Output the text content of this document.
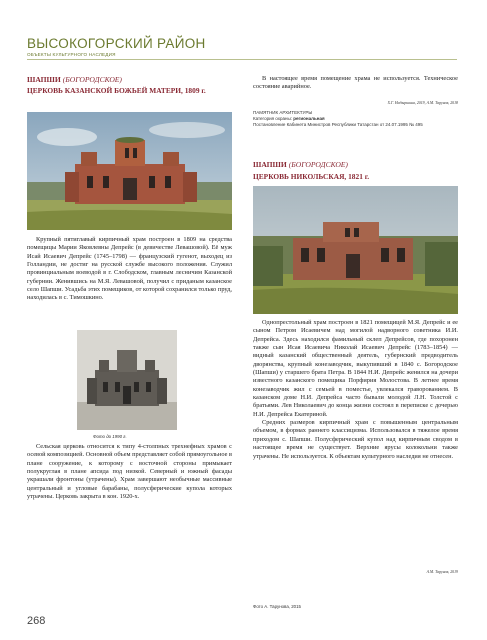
ВЫСОКОГОРСКИЙ РАЙОН
ОБЪЕКТЫ КУЛЬТУРНОГО НАСЛЕДИЯ
ШАПШИ (БОГОРОДСКОЕ)
ЦЕРКОВЬ КАЗАНСКОЙ БОЖЬЕЙ МАТЕРИ, 1809 г.

Крупный пятиглавый кирпичный храм построен в 1809 на средства помещицы Марии Яковлевны Депрейс (в девичестве Левашовой). Её муж Исай Исаевич Депрейс (1745–1798) — французский гугенот, выходец из Голландии, не достиг на русской службе высокого положения. Служил провинциальным воеводой в г. Слободском, главным лесничим Казанской губернии. Женившись на М.Я. Левашовой, получил с приданым казанское село Шапши. Усадьба этих помещиков, от которой сохранился только пруд, находилась в с. Тимошкино.

Фото до 1990 г.

Сельская церковь относится к типу 4-столпных трехнефных храмов с осевой композицией. Основной объем представляет собой прямоугольное в плане сооружение, к которому с восточной стороны примыкает полукруглая в плане апсида под низкой. Северный и южный фасады украшали фронтоны (утрачены). Храм завершают необычные массивные центральный и угловые барабаны, полусферические купола которых утрачены. Церковь закрыта в кон. 1920-х.

В настоящее время помещение храма не используется. Техническое состояние аварийное.

Х.Г. Надыршина, 2019, А.М. Тарунов, 2018
ПАМЯТНИК АРХИТЕКТУРЫ
Категория охраны: региональная
Постановление Кабинета Министров Республики Татарстан от 24.07.1995 № 495
ШАПШИ (БОГОРОДСКОЕ)
ЦЕРКОВЬ НИКОЛЬСКАЯ, 1821 г.

Однопрестольный храм построен в 1821 помещицей М.Я. Депрейс и ее сыном Петром Исаевичем над могилой надворного советника И.И. Депрейса. Здесь находился фамильный склеп Депрейсов, где похоронен также сын Исая Исаевича Николай Исаевич Депрейс (1783–1854) — видный казанский общественный деятель, губернский предводитель дворянства, крупный конезаводчик, выкупивший в 1840 с. Богородское (Шапши) у старшего брата Петра. В 1844 Н.И. Депрейс женился на дочери известного казанского помещика Порфирия Молостова. В летнее время конезаводчик жил с семьей в поместье, увлекался граворованием. В казанском доме Н.И. Депрейса часто бывали молодой Л.Н. Толстой с братьями. Лев Николаевич до конца жизни состоял в переписке с дочерью Н.И. Депрейса Екатериной.

Средних размеров кирпичный храм с повышенным центральным объемом, в формах раннего классицизма. Использовался в тяжелое время приходом с. Шапши. Полусферический купол над кирпичным сводом в настоящее время не существует. Верхние ярусы колокольни также утрачены. Не используется. К объектам культурного наследия не отнесен.

А.М. Тарунов, 2019
Фото А. Тарунова, 2015
268
